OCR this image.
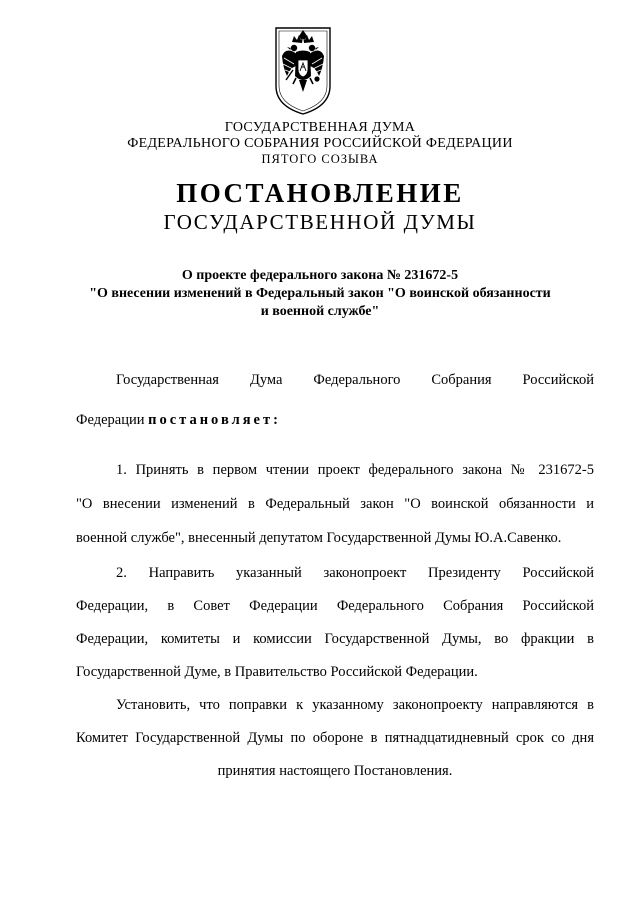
ГОСУДАРСТВЕННАЯ ДУМА
ФЕДЕРАЛЬНОГО СОБРАНИЯ РОССИЙСКОЙ ФЕДЕРАЦИИ
ПЯТОГО СОЗЫВА
ПОСТАНОВЛЕНИЕ
ГОСУДАРСТВЕННОЙ ДУМЫ
О проекте федерального закона № 231672-5
"О внесении изменений в Федеральный закон "О воинской обязанности
и военной службе"
Государственная Дума Федерального Собрания Российской
Федерации постановляет:
1. Принять в первом чтении проект федерального закона № 231672-5
"О внесении изменений в Федеральный закон "О воинской обязанности и
военной службе", внесенный депутатом Государственной Думы Ю.А.Савенко.
2. Направить указанный законопроект Президенту Российской
Федерации, в Совет Федерации Федерального Собрания Российской
Федерации, комитеты и комиссии Государственной Думы, во фракции в
Государственной Думе, в Правительство Российской Федерации.
Установить, что поправки к указанному законопроекту направляются в
Комитет Государственной Думы по обороне в пятнадцатидневный срок со дня
принятия настоящего Постановления.
